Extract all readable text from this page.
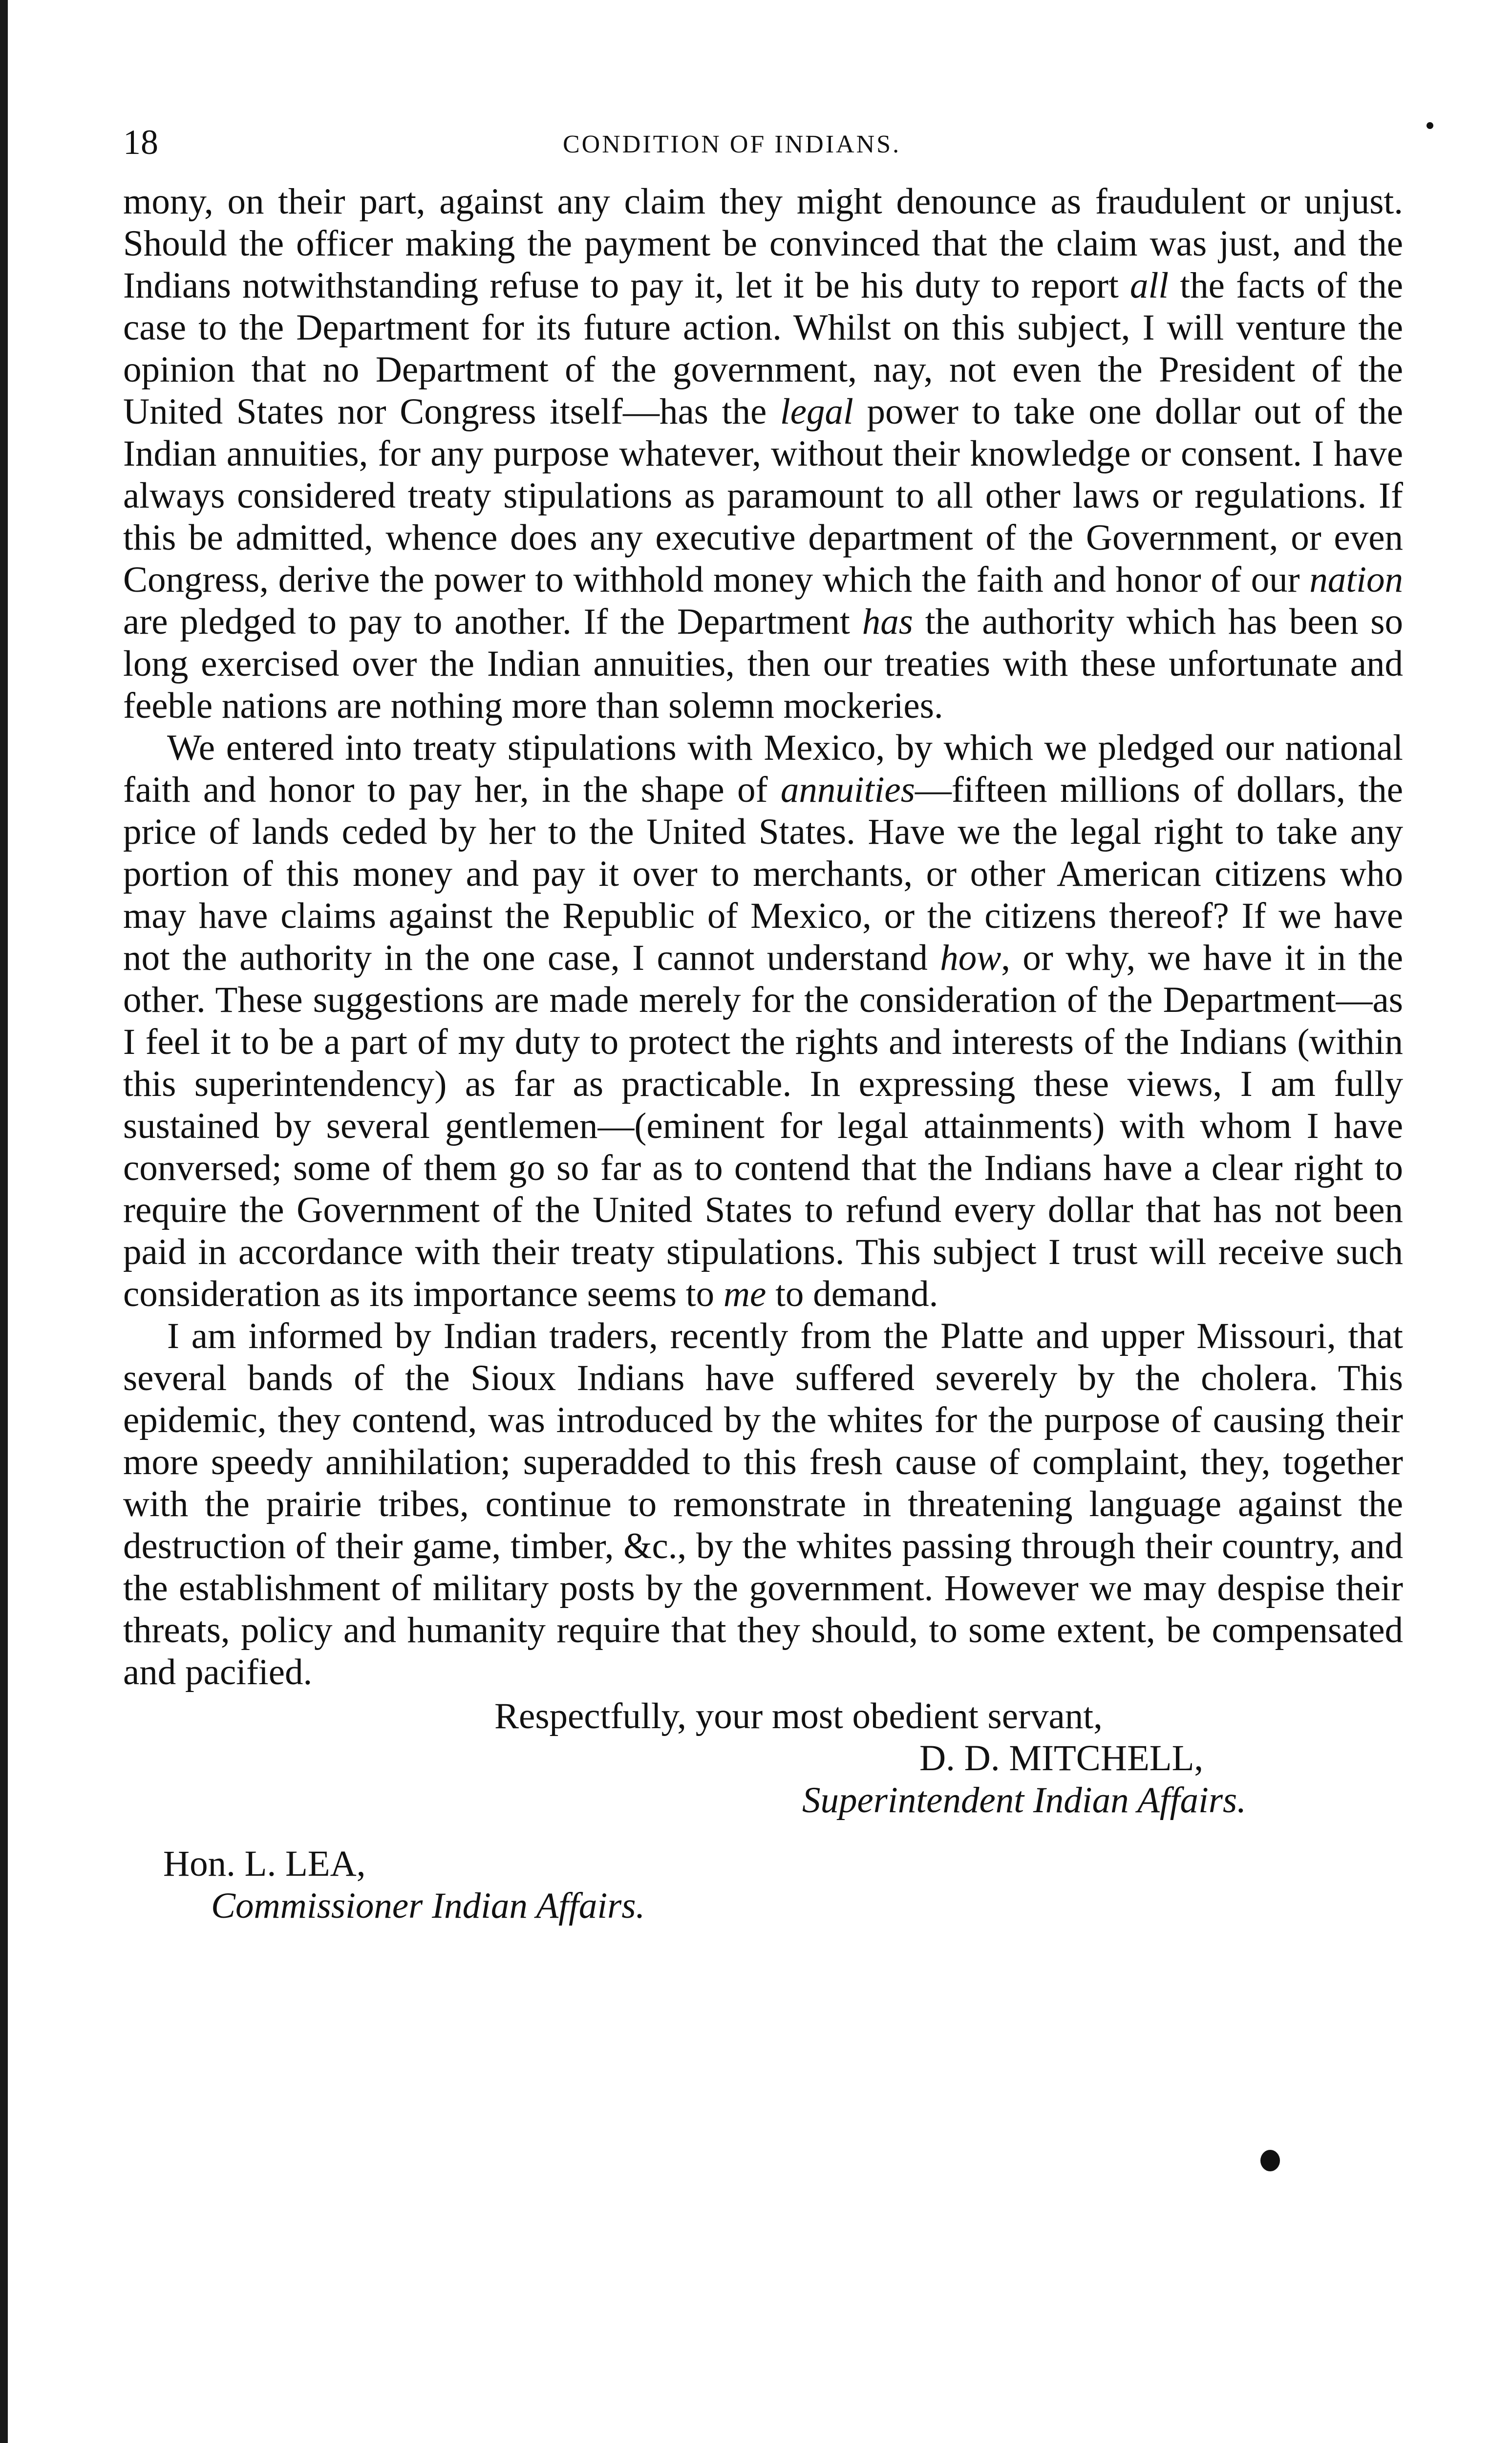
18	CONDITION OF INDIANS.

mony, on their part, against any claim they might denounce as fraudulent or unjust. Should the officer making the payment be convinced that the claim was just, and the Indians notwithstanding refuse to pay it, let it be his duty to report all the facts of the case to the Department for its future action. Whilst on this subject, I will venture the opinion that no Department of the government, nay, not even the President of the United States nor Congress itself—has the legal power to take one dollar out of the Indian annuities, for any purpose whatever, without their knowledge or consent. I have always considered treaty stipulations as paramount to all other laws or regulations. If this be admitted, whence does any executive department of the Government, or even Congress, derive the power to withhold money which the faith and honor of our nation are pledged to pay to another. If the Department has the authority which has been so long exercised over the Indian annuities, then our treaties with these unfortunate and feeble nations are nothing more than solemn mockeries.

We entered into treaty stipulations with Mexico, by which we pledged our national faith and honor to pay her, in the shape of annuities—fifteen millions of dollars, the price of lands ceded by her to the United States. Have we the legal right to take any portion of this money and pay it over to merchants, or other American citizens who may have claims against the Republic of Mexico, or the citizens thereof? If we have not the authority in the one case, I cannot understand how, or why, we have it in the other. These suggestions are made merely for the consideration of the Department—as I feel it to be a part of my duty to protect the rights and interests of the Indians (within this superintendency) as far as practicable. In expressing these views, I am fully sustained by several gentlemen—(eminent for legal attainments) with whom I have conversed; some of them go so far as to contend that the Indians have a clear right to require the Government of the United States to refund every dollar that has not been paid in accordance with their treaty stipulations. This subject I trust will receive such consideration as its importance seems to me to demand.

I am informed by Indian traders, recently from the Platte and upper Missouri, that several bands of the Sioux Indians have suffered severely by the cholera. This epidemic, they contend, was introduced by the whites for the purpose of causing their more speedy annihilation; superadded to this fresh cause of complaint, they, together with the prairie tribes, continue to remonstrate in threatening language against the destruction of their game, timber, &c., by the whites passing through their country, and the establishment of military posts by the government. However we may despise their threats, policy and humanity require that they should, to some extent, be compensated and pacified.

Respectfully, your most obedient servant,
D. D. MITCHELL,
Superintendent Indian Affairs.
Hon. L. LEA,
Commissioner Indian Affairs.
